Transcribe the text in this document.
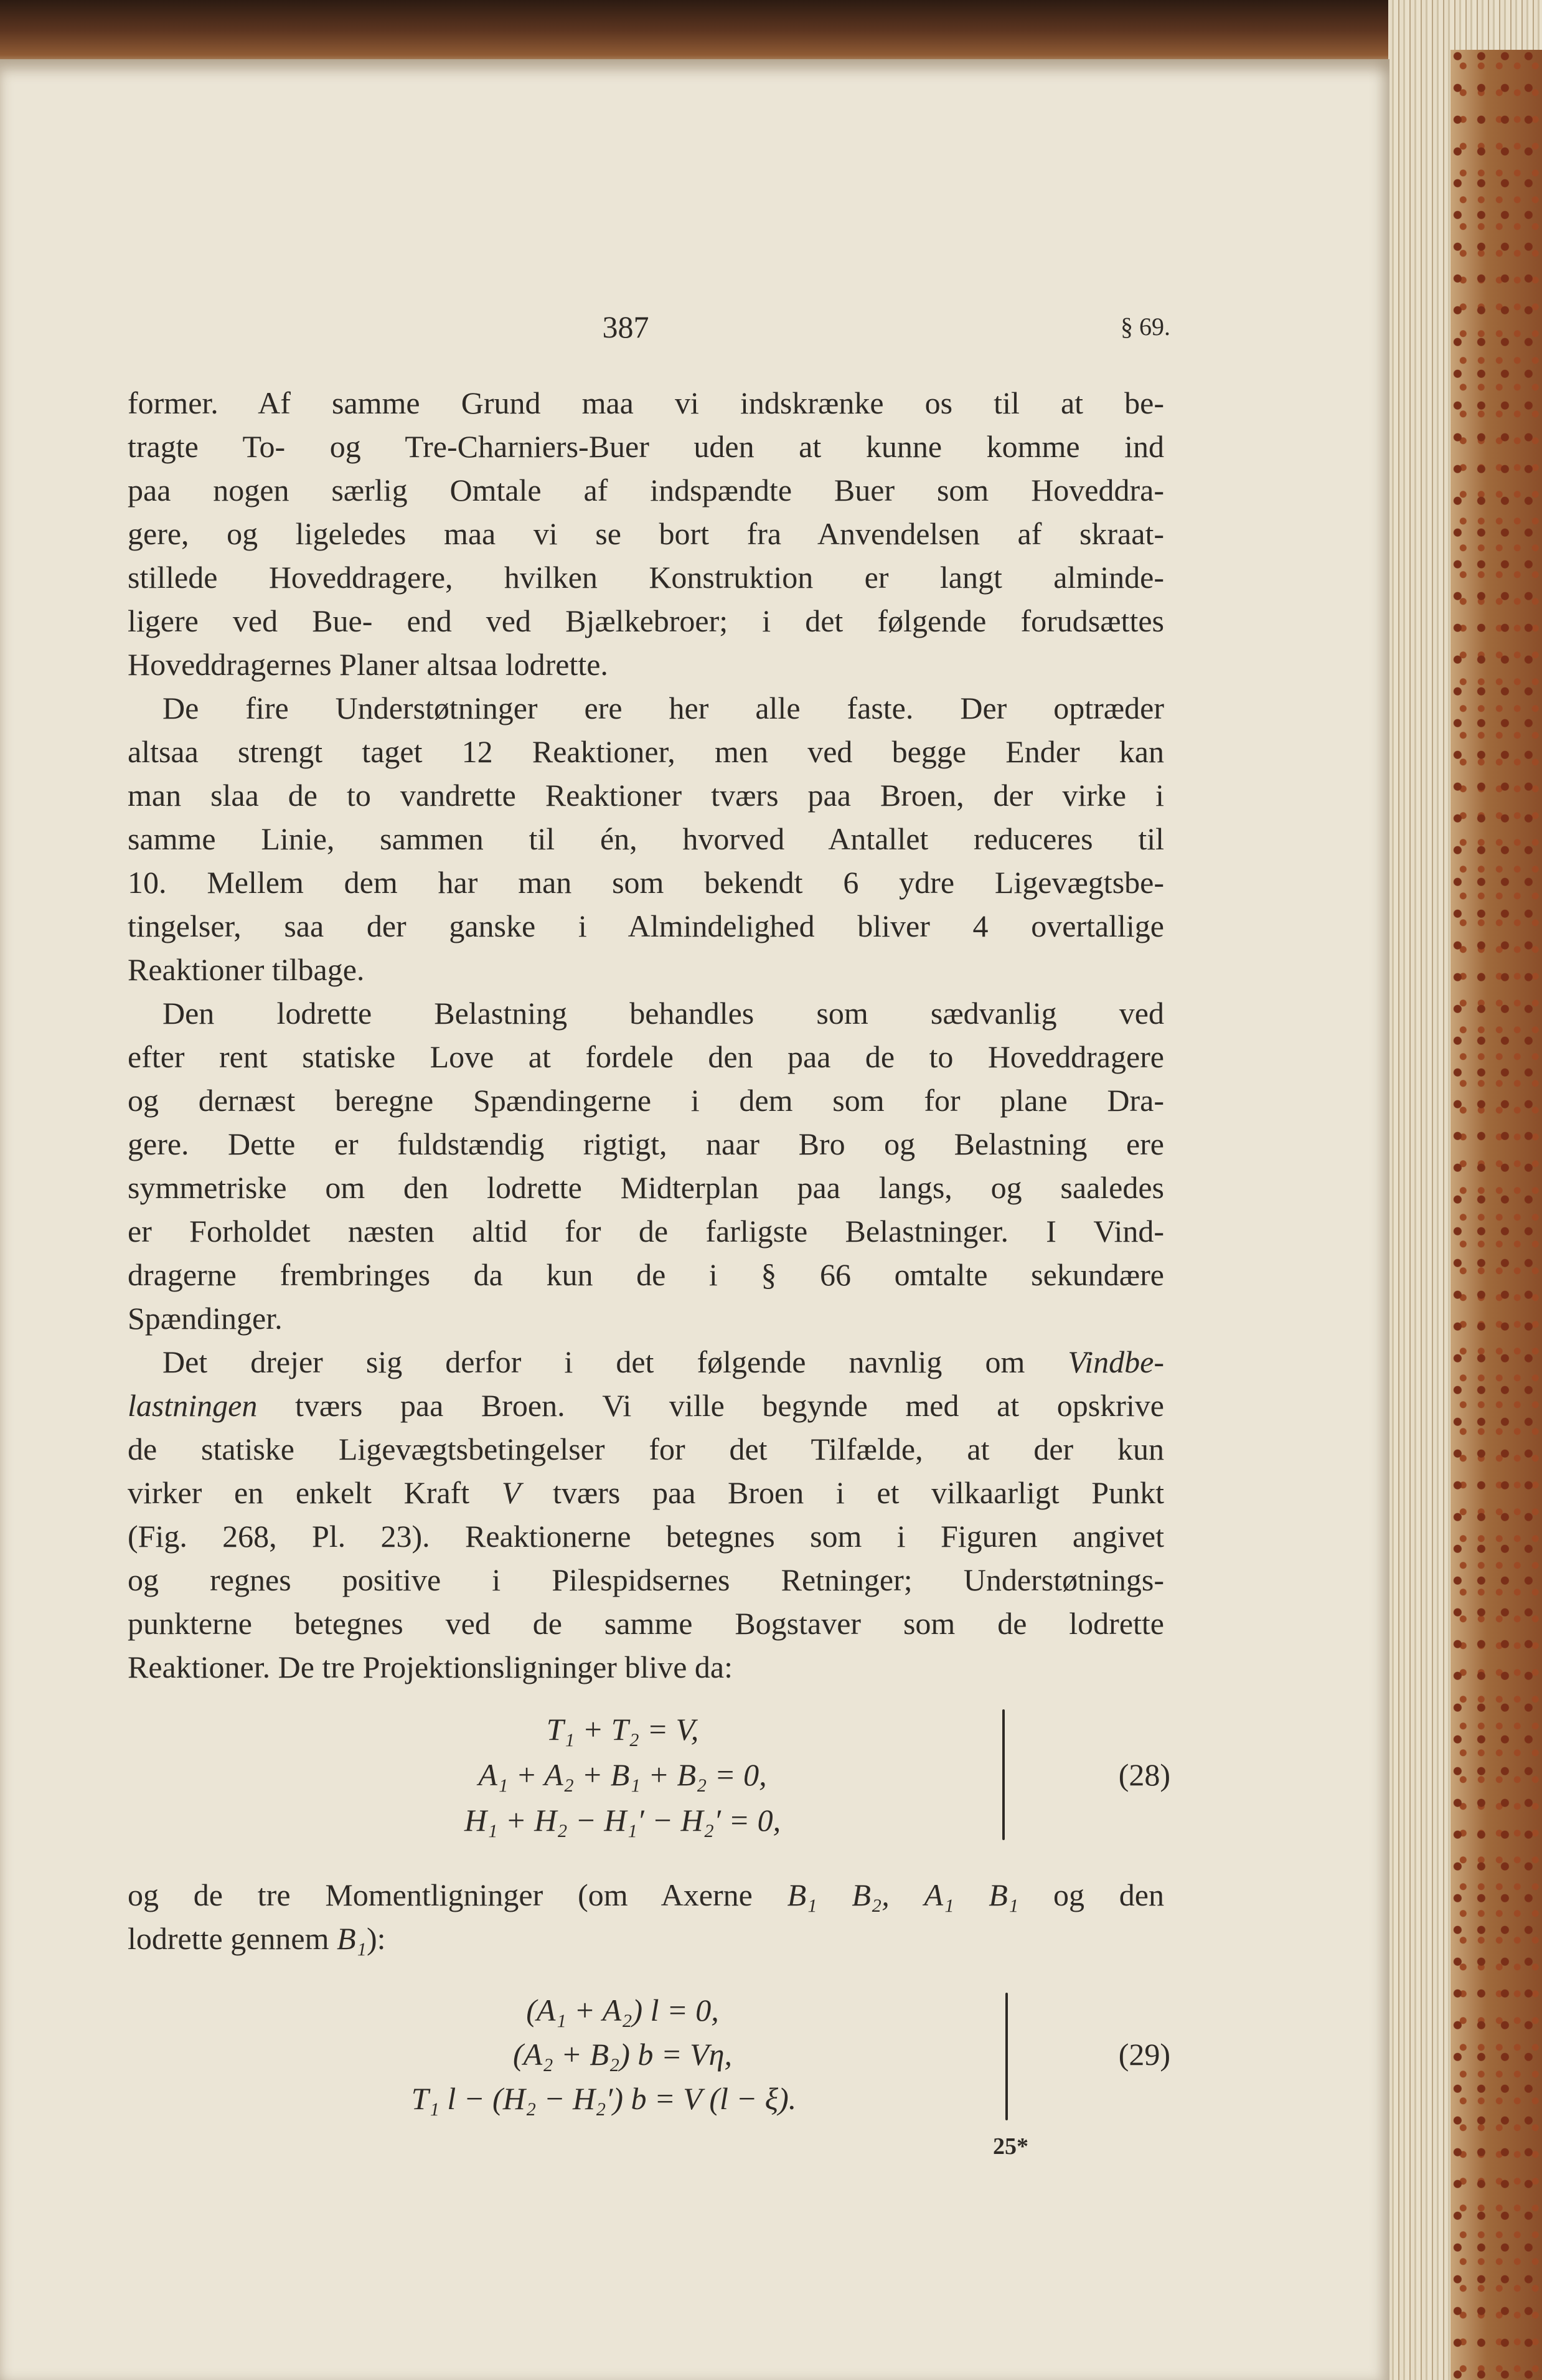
387	§ 69.
former. Af samme Grund maa vi indskrænke os til at be-
tragte To- og Tre-Charniers-Buer uden at kunne komme ind
paa nogen særlig Omtale af indspændte Buer som Hoveddra-
gere, og ligeledes maa vi se bort fra Anvendelsen af skraat-
stillede Hoveddragere, hvilken Konstruktion er langt alminde-
ligere ved Bue- end ved Bjælkebroer; i det følgende forudsættes
Hoveddragernes Planer altsaa lodrette.
De fire Understøtninger ere her alle faste. Der optræder
altsaa strengt taget 12 Reaktioner, men ved begge Ender kan
man slaa de to vandrette Reaktioner tværs paa Broen, der virke i
samme Linie, sammen til én, hvorved Antallet reduceres til
10. Mellem dem har man som bekendt 6 ydre Ligevægtsbe-
tingelser, saa der ganske i Almindelighed bliver 4 overtallige
Reaktioner tilbage.
Den lodrette Belastning behandles som sædvanlig ved
efter rent statiske Love at fordele den paa de to Hoveddragere
og dernæst beregne Spændingerne i dem som for plane Dra-
gere. Dette er fuldstændig rigtigt, naar Bro og Belastning ere
symmetriske om den lodrette Midterplan paa langs, og saaledes
er Forholdet næsten altid for de farligste Belastninger. I Vind-
dragerne frembringes da kun de i § 66 omtalte sekundære
Spændinger.
Det drejer sig derfor i det følgende navnlig om Vindbe-
lastningen tværs paa Broen. Vi ville begynde med at opskrive
de statiske Ligevægtsbetingelser for det Tilfælde, at der kun
virker en enkelt Kraft V tværs paa Broen i et vilkaarligt Punkt
(Fig. 268, Pl. 23). Reaktionerne betegnes som i Figuren angivet
og regnes positive i Pilespidsernes Retninger; Understøtnings-
punkterne betegnes ved de samme Bogstaver som de lodrette
Reaktioner. De tre Projektionsligninger blive da:
T₁ + T₂ = V,
A₁ + A₂ + B₁ + B₂ = 0,
H₁ + H₂ − H₁′ − H₂′ = 0,
(28)
og de tre Momentligninger (om Axerne B₁ B₂, A₁ B₁ og den
lodrette gennem B₁):
(A₁ + A₂) l = 0,
(A₂ + B₂) b = Vη,
T₁ l − (H₂ − H₂′) b = V (l − ξ).
(29)
25*
